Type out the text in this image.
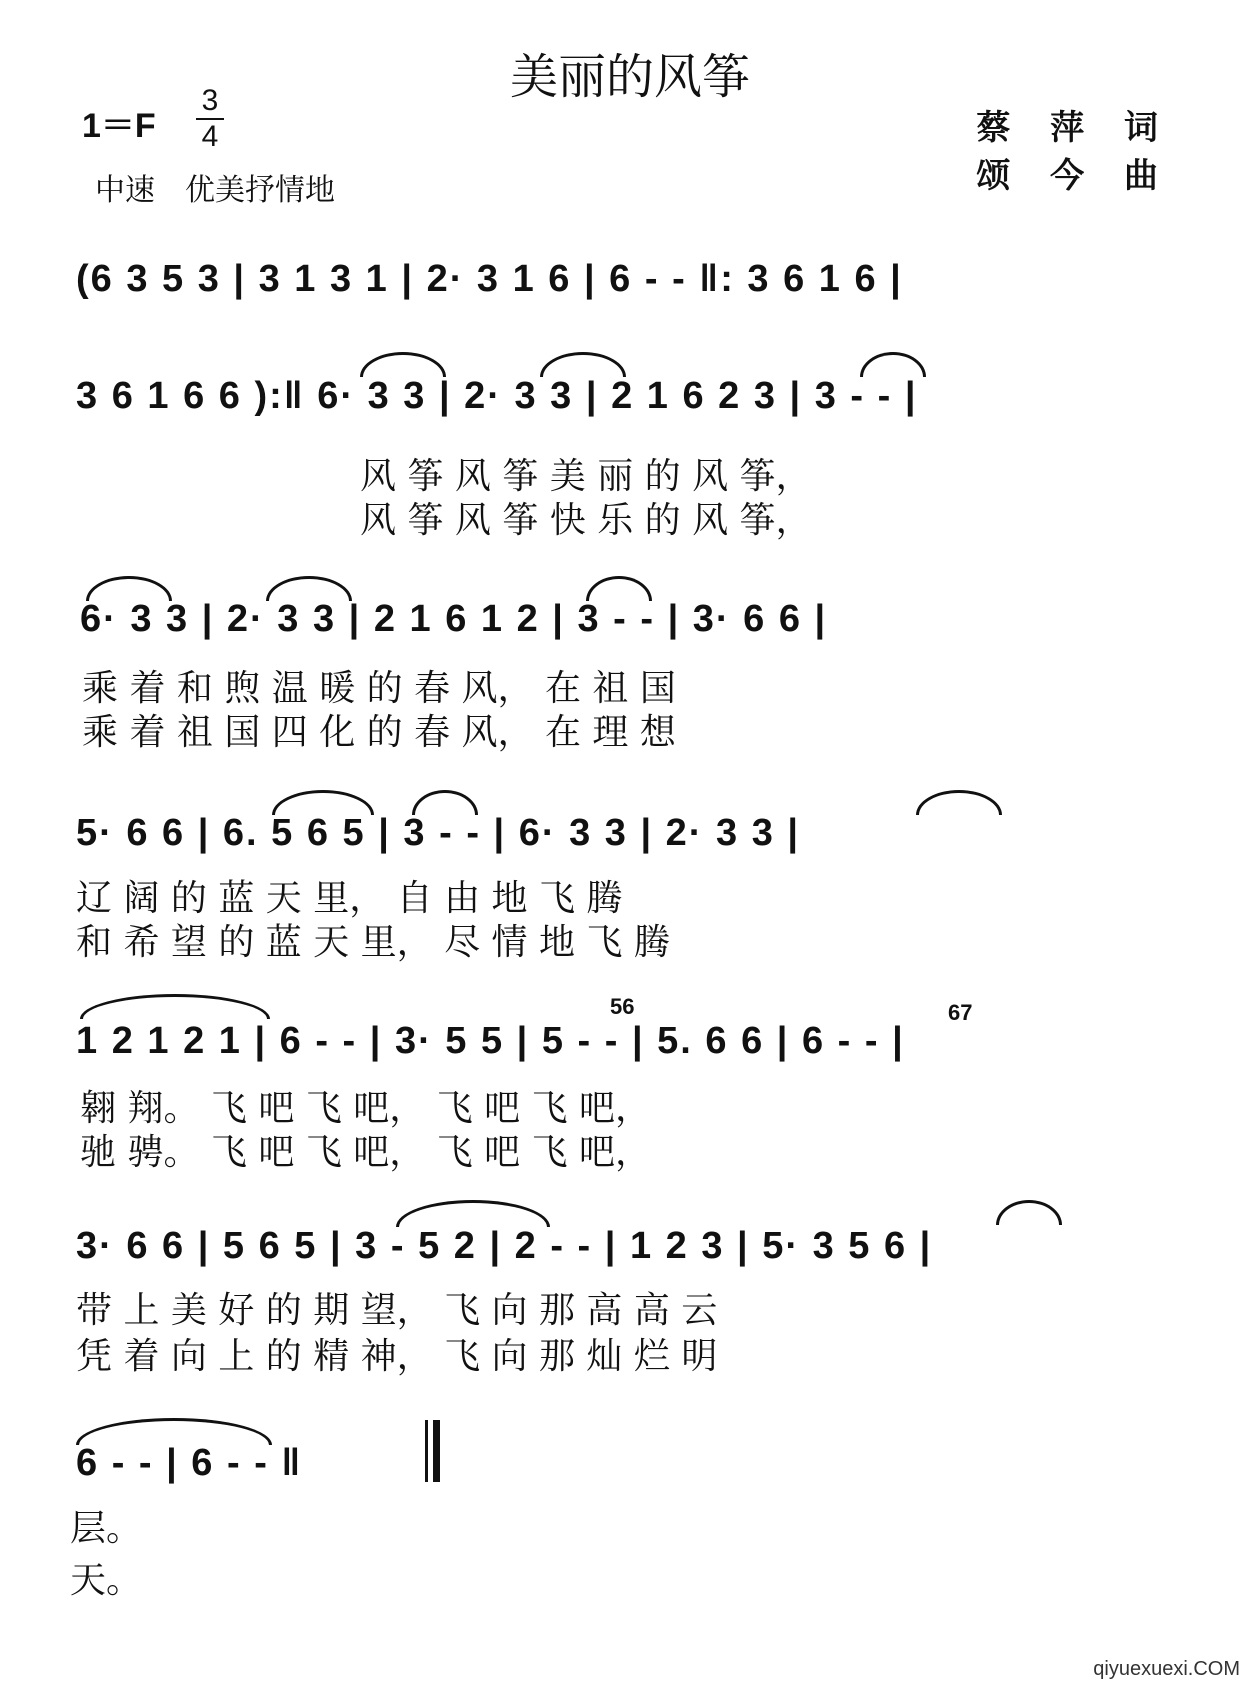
美丽的风筝
1＝F
3
4
中速　优美抒情地
蔡 萍 词
颂 今 曲
(6 3 5 3 | 3 1 3 1 | 2· 3 1 6 | 6 - - ‖: 3 6 1 6 |
3 6 1 6 6 ):‖ 6· 3 3 | 2· 3 3 | 2 1 6 2 3 | 3 - - |
风 筝 风 筝 美 丽 的 风 筝，
风 筝 风 筝 快 乐 的 风 筝，
6· 3 3 | 2· 3 3 | 2 1 6 1 2 | 3 - - | 3· 6 6 |
乘 着 和 煦 温 暖 的 春 风， 在 祖 国
乘 着 祖 国 四 化 的 春 风， 在 理 想
5· 6 6 | 6. 5 6 5 | 3 - - | 6· 3 3 | 2· 3 3 |
辽 阔 的 蓝 天 里， 自 由 地 飞 腾
和 希 望 的 蓝 天 里， 尽 情 地 飞 腾
56	67
1 2 1 2 1 | 6 - - | 3· 5 5 | 5 - - | 5. 6 6 | 6 - - |
翱 翔。 飞 吧 飞 吧， 飞 吧 飞 吧，
驰 骋。 飞 吧 飞 吧， 飞 吧 飞 吧，
3· 6 6 | 5 6 5 | 3 - 5 2 | 2 - - | 1 2 3 | 5· 3 5 6 |
带 上 美 好 的 期 望， 飞 向 那 高 高 云
凭 着 向 上 的 精 神， 飞 向 那 灿 烂 明
6 - - | 6 - - ‖
层。
天。
qiyuexuexi.COM
